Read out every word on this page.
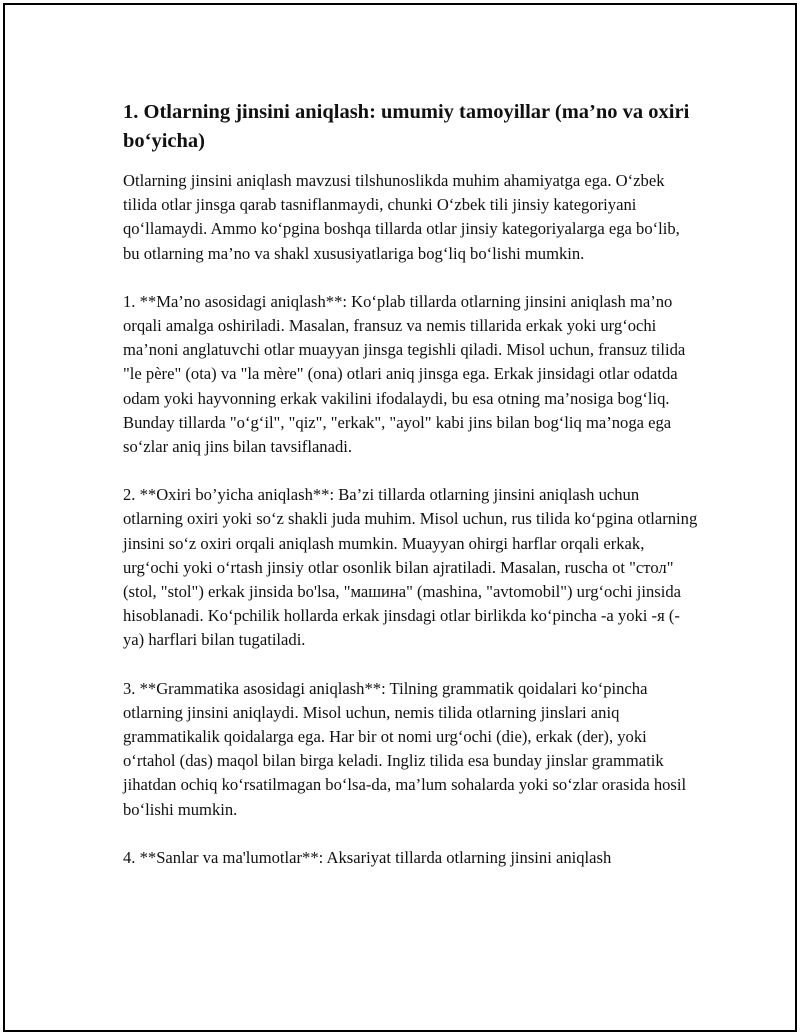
1. Otlarning jinsini aniqlash: umumiy tamoyillar (ma’no va oxiri bo‘yicha)

Otlarning jinsini aniqlash mavzusi tilshunoslikda muhim ahamiyatga ega. O‘zbek tilida otlar jinsga qarab tasniflanmaydi, chunki O‘zbek tili jinsiy kategoriyani qo‘llamaydi. Ammo ko‘pgina boshqa tillarda otlar jinsiy kategoriyalarga ega bo‘lib, bu otlarning ma’no va shakl xususiyatlariga bog‘liq bo‘lishi mumkin.

1. **Ma’no asosidagi aniqlash**: Ko‘plab tillarda otlarning jinsini aniqlash ma’no orqali amalga oshiriladi. Masalan, fransuz va nemis tillarida erkak yoki urg‘ochi ma’noni anglatuvchi otlar muayyan jinsga tegishli qiladi. Misol uchun, fransuz tilida "le père" (ota) va "la mère" (ona) otlari aniq jinsga ega. Erkak jinsidagi otlar odatda odam yoki hayvonning erkak vakilini ifodalaydi, bu esa otning ma’nosiga bog‘liq. Bunday tillarda "o‘g‘il", "qiz", "erkak", "ayol" kabi jins bilan bog‘liq ma’noga ega so‘zlar aniq jins bilan tavsiflanadi.

2. **Oxiri bo’yicha aniqlash**: Ba’zi tillarda otlarning jinsini aniqlash uchun otlarning oxiri yoki so‘z shakli juda muhim. Misol uchun, rus tilida ko‘pgina otlarning jinsini so‘z oxiri orqali aniqlash mumkin. Muayyan ohirgi harflar orqali erkak, urg‘ochi yoki o‘rtash jinsiy otlar osonlik bilan ajratiladi. Masalan, ruscha ot "стол" (stol, "stol") erkak jinsida bo'lsa, "машина" (mashina, "avtomobil") urg‘ochi jinsida hisoblanadi. Ko‘pchilik hollarda erkak jinsdagi otlar birlikda ko‘pincha -a yoki -я (-ya) harflari bilan tugatiladi.

3. **Grammatika asosidagi aniqlash**: Tilning grammatik qoidalari ko‘pincha otlarning jinsini aniqlaydi. Misol uchun, nemis tilida otlarning jinslari aniq grammatikalik qoidalarga ega. Har bir ot nomi urg‘ochi (die), erkak (der), yoki o‘rtahol (das) maqol bilan birga keladi. Ingliz tilida esa bunday jinslar grammatik jihatdan ochiq ko‘rsatilmagan bo‘lsa-da, ma’lum sohalarda yoki so‘zlar orasida hosil bo‘lishi mumkin.

4. **Sanlar va ma'lumotlar**: Aksariyat tillarda otlarning jinsini aniqlash
